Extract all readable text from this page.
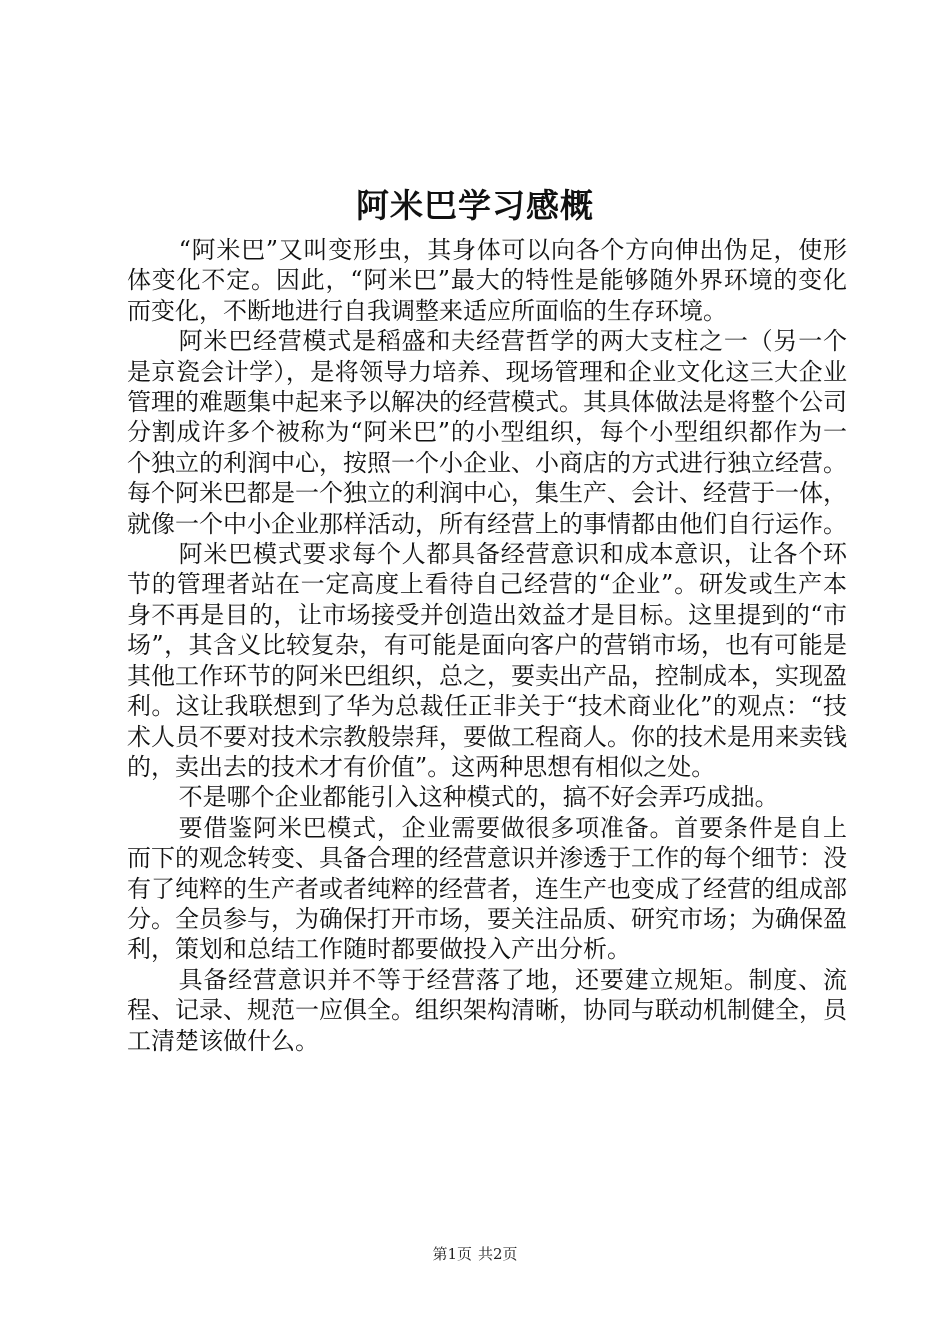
阿米巴学习感概

“阿米巴”又叫变形虫，其身体可以向各个方向伸出伪足，使形体变化不定。因此，“阿米巴”最大的特性是能够随外界环境的变化而变化，不断地进行自我调整来适应所面临的生存环境。

阿米巴经营模式是稻盛和夫经营哲学的两大支柱之一（另一个是京瓷会计学），是将领导力培养、现场管理和企业文化这三大企业管理的难题集中起来予以解决的经营模式。其具体做法是将整个公司分割成许多个被称为“阿米巴”的小型组织，每个小型组织都作为一个独立的利润中心，按照一个小企业、小商店的方式进行独立经营。每个阿米巴都是一个独立的利润中心，集生产、会计、经营于一体，就像一个中小企业那样活动，所有经营上的事情都由他们自行运作。

阿米巴模式要求每个人都具备经营意识和成本意识，让各个环节的管理者站在一定高度上看待自己经营的“企业”。研发或生产本身不再是目的，让市场接受并创造出效益才是目标。这里提到的“市场”，其含义比较复杂，有可能是面向客户的营销市场，也有可能是其他工作环节的阿米巴组织，总之，要卖出产品，控制成本，实现盈利。这让我联想到了华为总裁任正非关于“技术商业化”的观点：“技术人员不要对技术宗教般崇拜，要做工程商人。你的技术是用来卖钱的，卖出去的技术才有价值”。这两种思想有相似之处。

不是哪个企业都能引入这种模式的，搞不好会弄巧成拙。

要借鉴阿米巴模式，企业需要做很多项准备。首要条件是自上而下的观念转变、具备合理的经营意识并渗透于工作的每个细节：没有了纯粹的生产者或者纯粹的经营者，连生产也变成了经营的组成部分。全员参与，为确保打开市场，要关注品质、研究市场；为确保盈利，策划和总结工作随时都要做投入产出分析。

具备经营意识并不等于经营落了地，还要建立规矩。制度、流程、记录、规范一应俱全。组织架构清晰，协同与联动机制健全，员工清楚该做什么。

第1页 共2页
